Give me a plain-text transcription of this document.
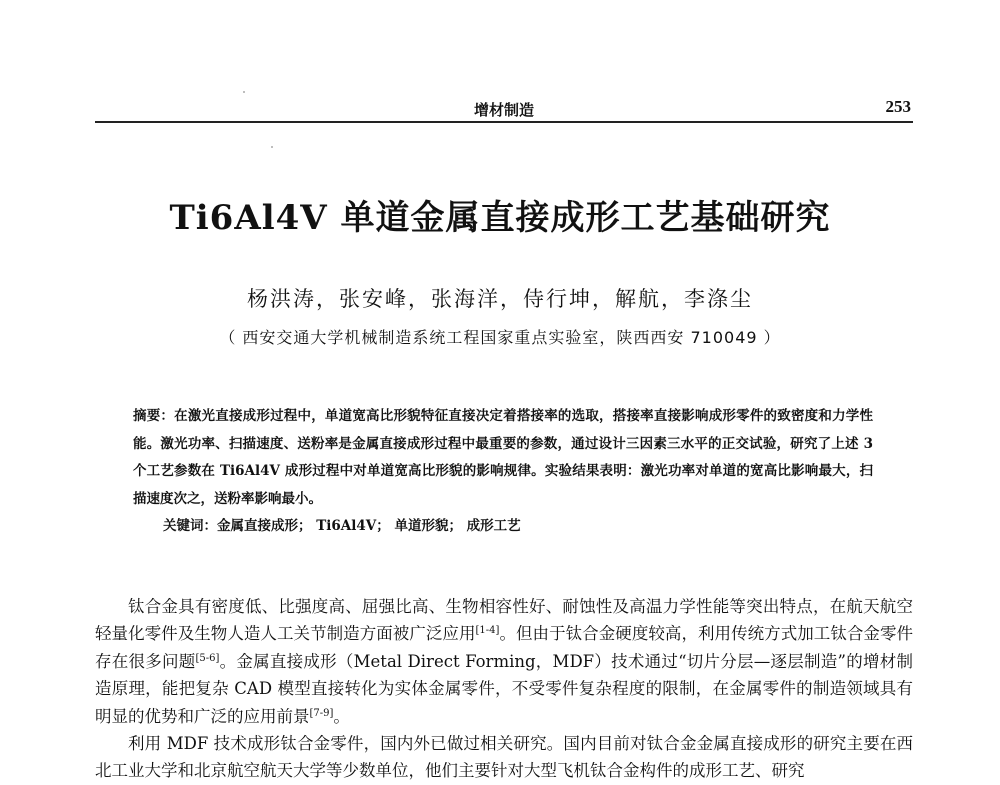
增材制造	253
Ti6Al4V 单道金属直接成形工艺基础研究
杨洪涛，张安峰，张海洋，侍行坤，解航，李涤尘
（ 西安交通大学机械制造系统工程国家重点实验室，陕西西安 710049 ）
摘要：在激光直接成形过程中，单道宽高比形貌特征直接决定着搭接率的选取，搭接率直接影响成形零件的致密度和力学性能。激光功率、扫描速度、送粉率是金属直接成形过程中最重要的参数，通过设计三因素三水平的正交试验，研究了上述 3 个工艺参数在 Ti6Al4V 成形过程中对单道宽高比形貌的影响规律。实验结果表明：激光功率对单道的宽高比影响最大，扫描速度次之，送粉率影响最小。
关键词：金属直接成形； Ti6Al4V； 单道形貌； 成形工艺

钛合金具有密度低、比强度高、屈强比高、生物相容性好、耐蚀性及高温力学性能等突出特点，在航天航空轻量化零件及生物人造人工关节制造方面被广泛应用[1-4]。但由于钛合金硬度较高，利用传统方式加工钛合金零件存在很多问题[5-6]。金属直接成形（Metal Direct Forming，MDF）技术通过“切片分层—逐层制造”的增材制造原理，能把复杂 CAD 模型直接转化为实体金属零件，不受零件复杂程度的限制，在金属零件的制造领域具有明显的优势和广泛的应用前景[7-9]。

利用 MDF 技术成形钛合金零件，国内外已做过相关研究。国内目前对钛合金金属直接成形的研究主要在西北工业大学和北京航空航天大学等少数单位，他们主要针对大型飞机钛合金构件的成形工艺、研究
